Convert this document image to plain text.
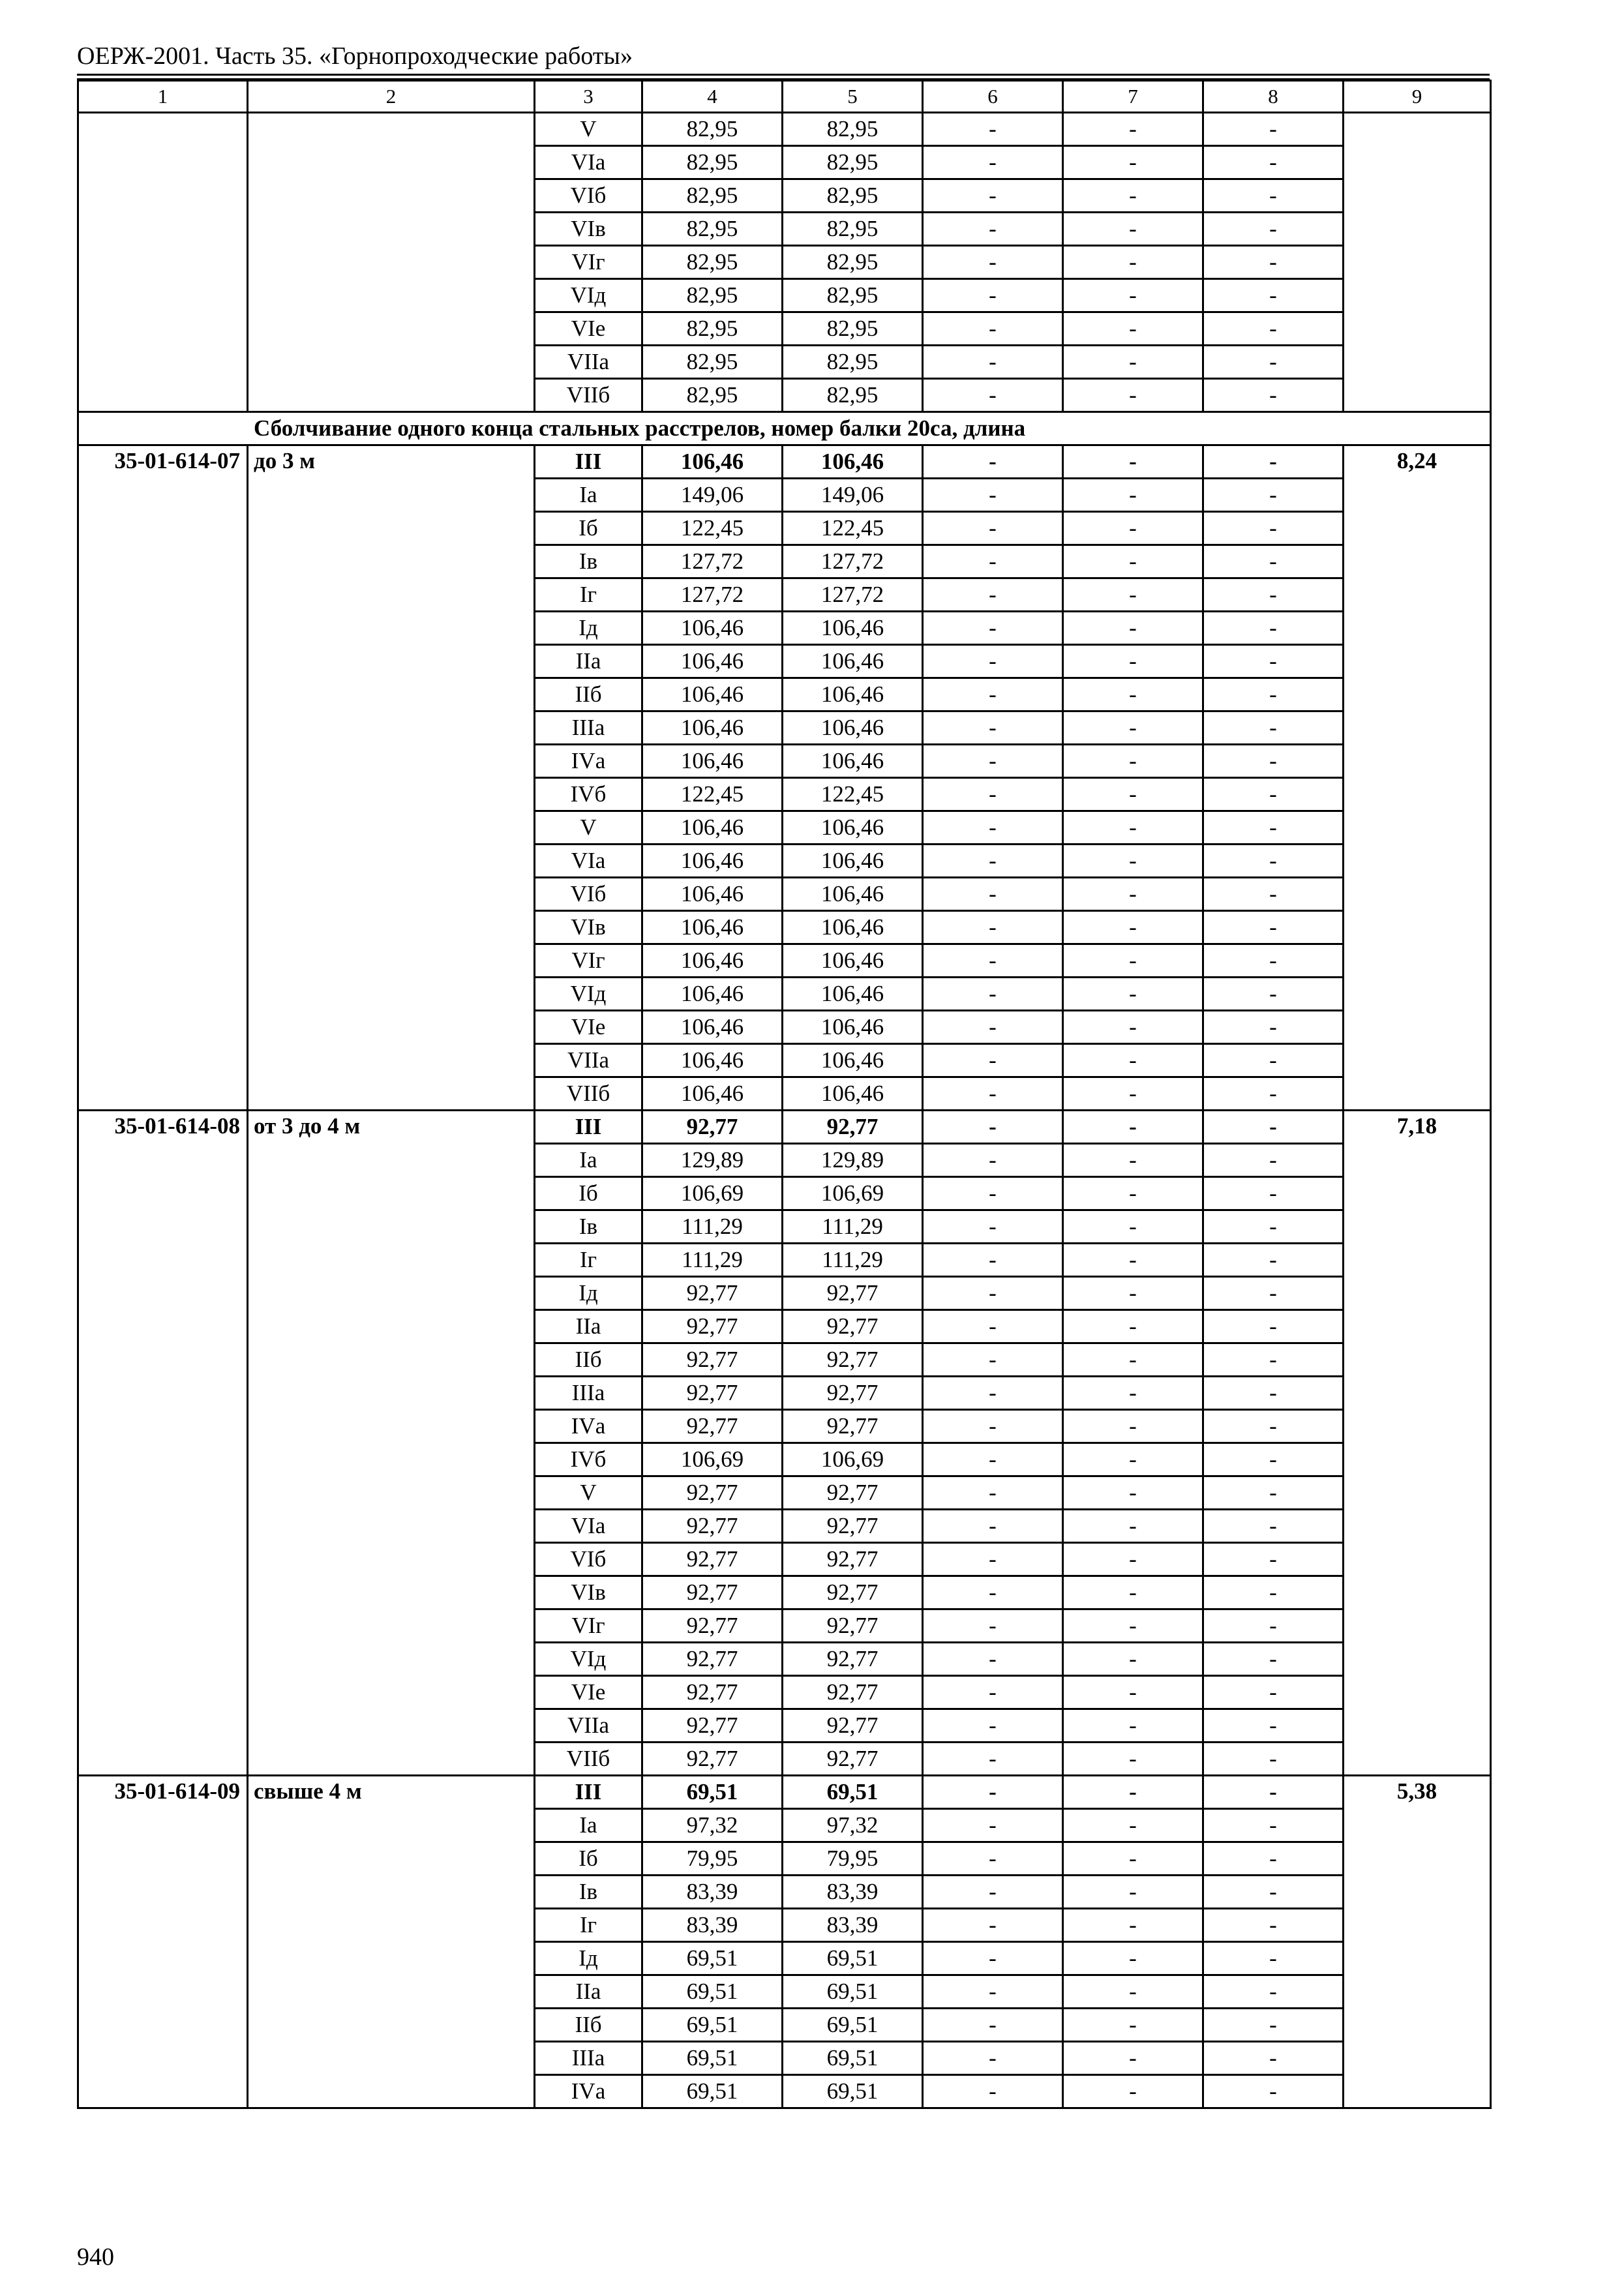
ОЕРЖ-2001. Часть 35. «Горнопроходческие работы»
1	2	3	4	5	6	7	8	9
		V	82,95	82,95	-	-	-	
		VIа	82,95	82,95	-	-	-	
		VIб	82,95	82,95	-	-	-	
		VIв	82,95	82,95	-	-	-	
		VIг	82,95	82,95	-	-	-	
		VIд	82,95	82,95	-	-	-	
		VIе	82,95	82,95	-	-	-	
		VIIа	82,95	82,95	-	-	-	
		VIIб	82,95	82,95	-	-	-	
Сболчивание одного конца стальных расстрелов, номер балки 20са, длина								
35-01-614-07	до 3 м	III	106,46	106,46	-	-	-	8,24
		Iа	149,06	149,06	-	-	-	
		Iб	122,45	122,45	-	-	-	
		Iв	127,72	127,72	-	-	-	
		Iг	127,72	127,72	-	-	-	
		Iд	106,46	106,46	-	-	-	
		IIа	106,46	106,46	-	-	-	
		IIб	106,46	106,46	-	-	-	
		IIIа	106,46	106,46	-	-	-	
		IVа	106,46	106,46	-	-	-	
		IVб	122,45	122,45	-	-	-	
		V	106,46	106,46	-	-	-	
		VIа	106,46	106,46	-	-	-	
		VIб	106,46	106,46	-	-	-	
		VIв	106,46	106,46	-	-	-	
		VIг	106,46	106,46	-	-	-	
		VIд	106,46	106,46	-	-	-	
		VIе	106,46	106,46	-	-	-	
		VIIа	106,46	106,46	-	-	-	
		VIIб	106,46	106,46	-	-	-	
35-01-614-08	от 3 до 4 м	III	92,77	92,77	-	-	-	7,18
		Iа	129,89	129,89	-	-	-	
		Iб	106,69	106,69	-	-	-	
		Iв	111,29	111,29	-	-	-	
		Iг	111,29	111,29	-	-	-	
		Iд	92,77	92,77	-	-	-	
		IIа	92,77	92,77	-	-	-	
		IIб	92,77	92,77	-	-	-	
		IIIа	92,77	92,77	-	-	-	
		IVа	92,77	92,77	-	-	-	
		IVб	106,69	106,69	-	-	-	
		V	92,77	92,77	-	-	-	
		VIа	92,77	92,77	-	-	-	
		VIб	92,77	92,77	-	-	-	
		VIв	92,77	92,77	-	-	-	
		VIг	92,77	92,77	-	-	-	
		VIд	92,77	92,77	-	-	-	
		VIе	92,77	92,77	-	-	-	
		VIIа	92,77	92,77	-	-	-	
		VIIб	92,77	92,77	-	-	-	
35-01-614-09	свыше 4 м	III	69,51	69,51	-	-	-	5,38
		Iа	97,32	97,32	-	-	-	
		Iб	79,95	79,95	-	-	-	
		Iв	83,39	83,39	-	-	-	
		Iг	83,39	83,39	-	-	-	
		Iд	69,51	69,51	-	-	-	
		IIа	69,51	69,51	-	-	-	
		IIб	69,51	69,51	-	-	-	
		IIIа	69,51	69,51	-	-	-	
		IVа	69,51	69,51	-	-	-	
940
